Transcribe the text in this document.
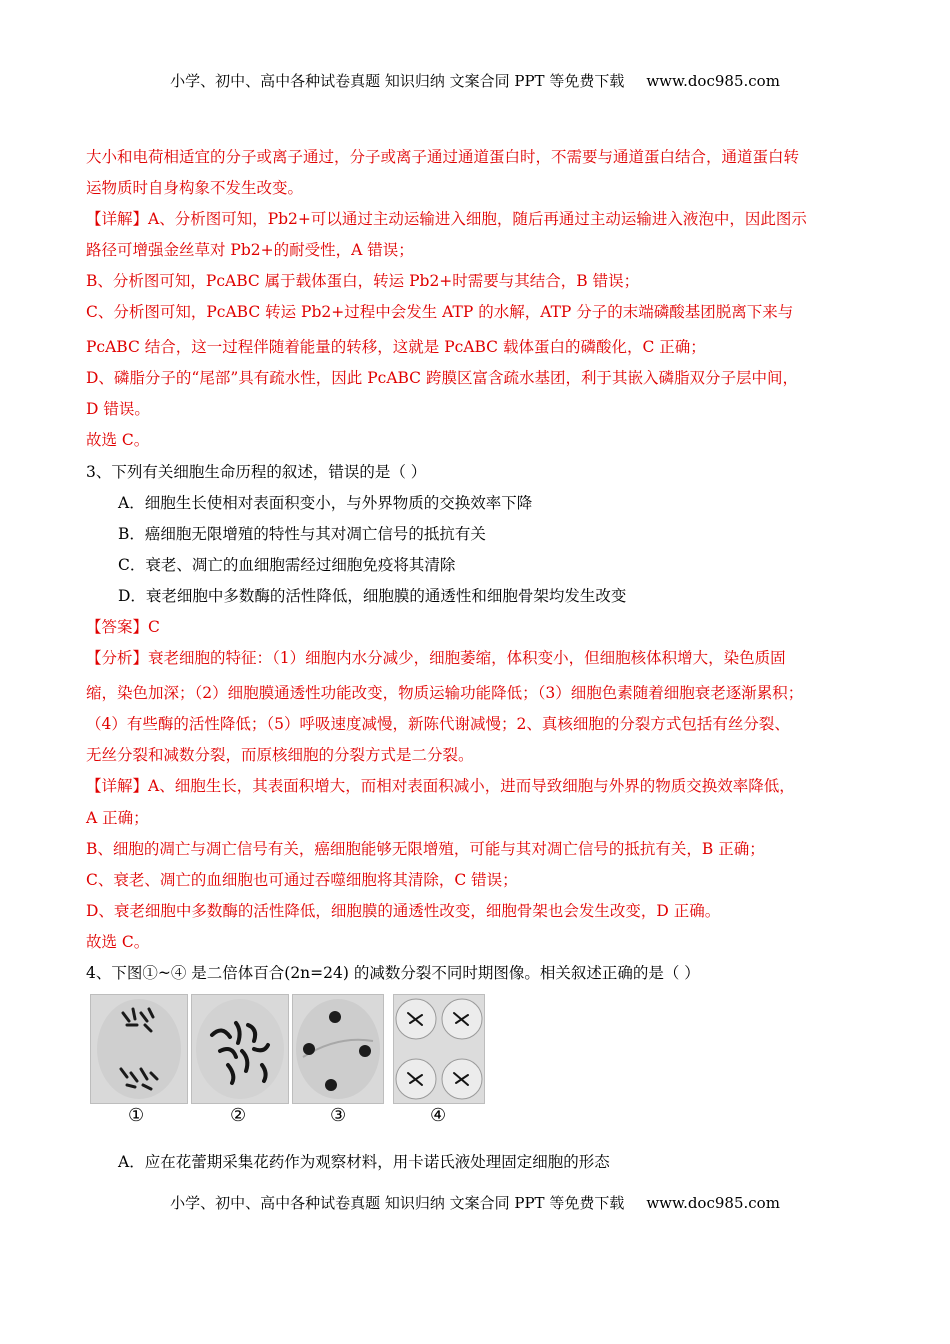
小学、初中、高中各种试卷真题 知识归纳 文案合同 PPT 等免费下载 www.doc985.com
大小和电荷相适宜的分子或离子通过，分子或离子通过通道蛋白时，不需要与通道蛋白结合，通道蛋白转
运物质时自身构象不发生改变。
【详解】A、分析图可知，Pb2+可以通过主动运输进入细胞，随后再通过主动运输进入液泡中，因此图示
路径可增强金丝草对 Pb2+的耐受性，A 错误；
B、分析图可知，PcABC 属于载体蛋白，转运 Pb2+时需要与其结合，B 错误；
C、分析图可知，PcABC 转运 Pb2+过程中会发生 ATP 的水解，ATP 分子的末端磷酸基团脱离下来与
PcABC 结合，这一过程伴随着能量的转移，这就是 PcABC 载体蛋白的磷酸化，C 正确；
D、磷脂分子的“尾部”具有疏水性，因此 PcABC 跨膜区富含疏水基团，利于其嵌入磷脂双分子层中间，
D 错误。
故选 C。
3、下列有关细胞生命历程的叙述，错误的是（ ）
A．细胞生长使相对表面积变小，与外界物质的交换效率下降
B．癌细胞无限增殖的特性与其对凋亡信号的抵抗有关
C．衰老、凋亡的血细胞需经过细胞免疫将其清除
D．衰老细胞中多数酶的活性降低，细胞膜的通透性和细胞骨架均发生改变
【答案】C
【分析】衰老细胞的特征：（1）细胞内水分减少，细胞萎缩，体积变小，但细胞核体积增大，染色质固
缩，染色加深；（2）细胞膜通透性功能改变，物质运输功能降低；（3）细胞色素随着细胞衰老逐渐累积；
（4）有些酶的活性降低；（5）呼吸速度减慢，新陈代谢减慢；2、真核细胞的分裂方式包括有丝分裂、
无丝分裂和减数分裂，而原核细胞的分裂方式是二分裂。
【详解】A、细胞生长，其表面积增大，而相对表面积减小，进而导致细胞与外界的物质交换效率降低，
A 正确；
B、细胞的凋亡与凋亡信号有关，癌细胞能够无限增殖，可能与其对凋亡信号的抵抗有关，B 正确；
C、衰老、凋亡的血细胞也可通过吞噬细胞将其清除，C 错误；
D、衰老细胞中多数酶的活性降低，细胞膜的通透性改变，细胞骨架也会发生改变，D 正确。
故选 C。
4、下图①~④ 是二倍体百合(2n=24) 的减数分裂不同时期图像。相关叙述正确的是（ ）
①	②	③	④
A．应在花蕾期采集花药作为观察材料，用卡诺氏液处理固定细胞的形态
小学、初中、高中各种试卷真题 知识归纳 文案合同 PPT 等免费下载 www.doc985.com
